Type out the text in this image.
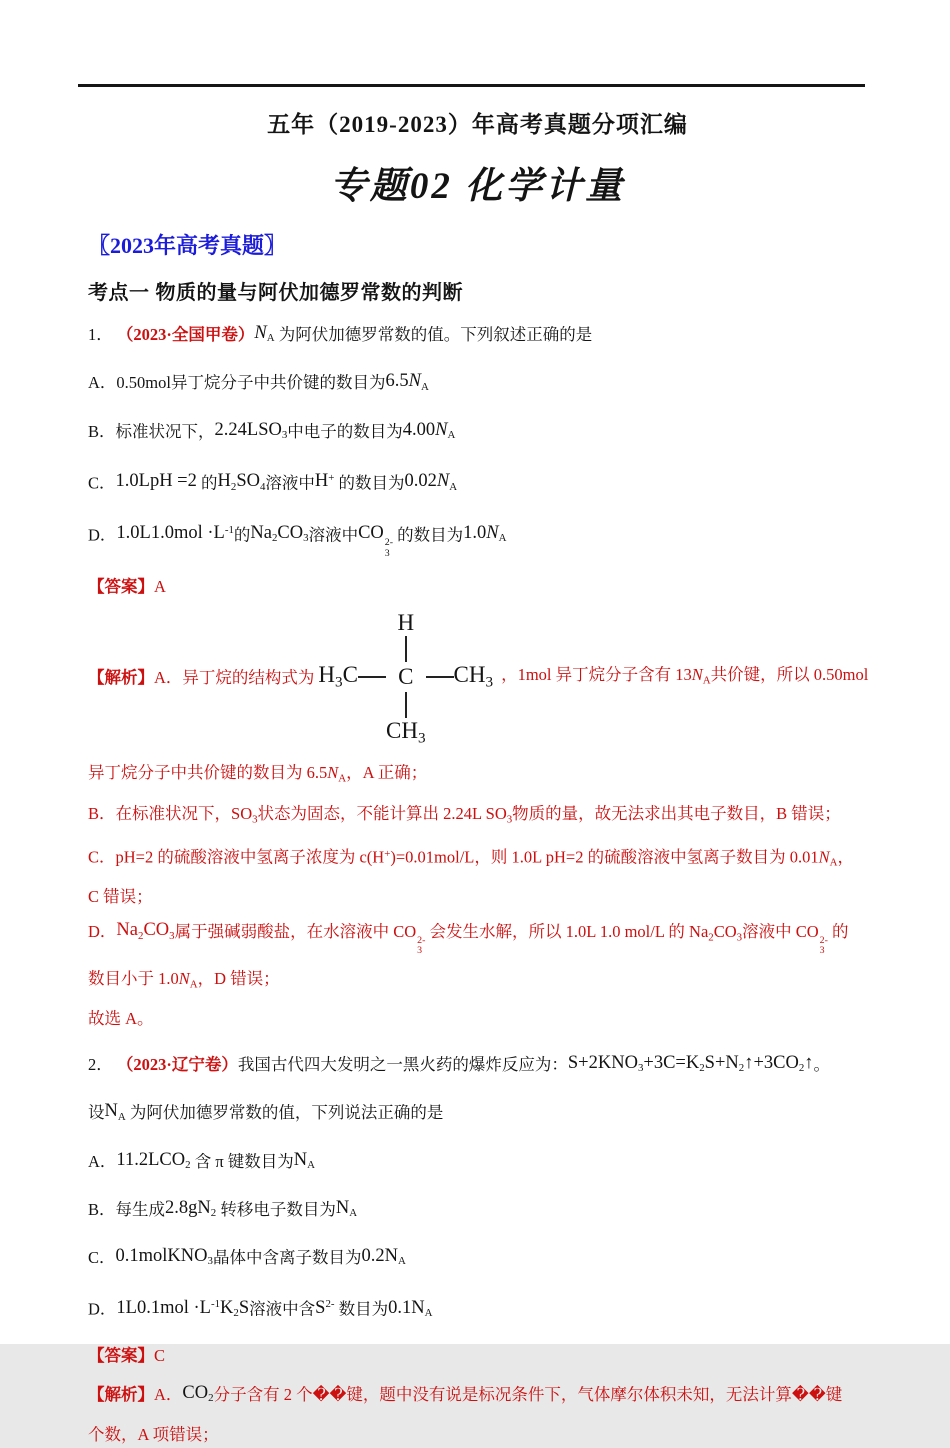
五年（2019-2023）年高考真题分项汇编
专题02 化学计量
〖2023年高考真题〗
考点一 物质的量与阿伏加德罗常数的判断
1． （2023·全国甲卷）$N_A$ 为阿伏加德罗常数的值。下列叙述正确的是
A．0.50mol异丁烷分子中共价键的数目为$6.5N_A$
B．标准状况下，$2.24LSO_3$中电子的数目为$4.00N_A$
C．1.0LpH =2 的$H_2SO_4$溶液中H+ 的数目为$0.02N_A$
D．$1.0L1.0mol \cdot L^{-1}$的$Na_2CO_3$溶液中CO 2-
3
的数目为$1.0N_A$
【答案】A
【解析】A．异丁烷的结构式为
H
$H_3C$ C $CH_3$
$CH_3$
，1mol 异丁烷分子含有 $13N_A$共价键，所以 0.50mol
异丁烷分子中共价键的数目为 $6.5N_A$，A 正确；
B．在标准状况下，$SO_3$状态为固态，不能计算出 2.24L $SO_3$物质的量，故无法求出其电子数目，B 错误；
C．pH=2 的硫酸溶液中氢离子浓度为 c(H+)=0.01mol/L，则 1.0L pH=2 的硫酸溶液中氢离子数目为 $0.01N_A$，
C 错误；
D．$Na_2CO_3$属于强碱弱酸盐，在水溶液中 CO 2-
3
会发生水解，所以 1.0L 1.0 mol/L 的 $Na_2CO_3$溶液中 CO 2-
3
的
数目小于 $1.0N_A$，D 错误；
故选 A。
2． （2023·辽宁卷）我国古代四大发明之一黑火药的爆炸反应为：$S+2KNO_3+3C=K_2S+N_2↑+3CO_2↑$。
设$N_A$ 为阿伏加德罗常数的值，下列说法正确的是
A．$11.2LCO_2$ 含 π 键数目为$N_A$
B．每生成$2.8gN_2$ 转移电子数目为$N_A$
C．0.1molKNO$_3$晶体中含离子数目为$0.2N_A$
D．$1L0.1mol \cdot L^{-1}K_2S$溶液中含$S^{2-}$ 数目为$0.1N_A$
【答案】C
【解析】A．$CO_2$分子含有 2 个��键，题中没有说是标况条件下，气体摩尔体积未知，无法计算��键
个数，A 项错误；
